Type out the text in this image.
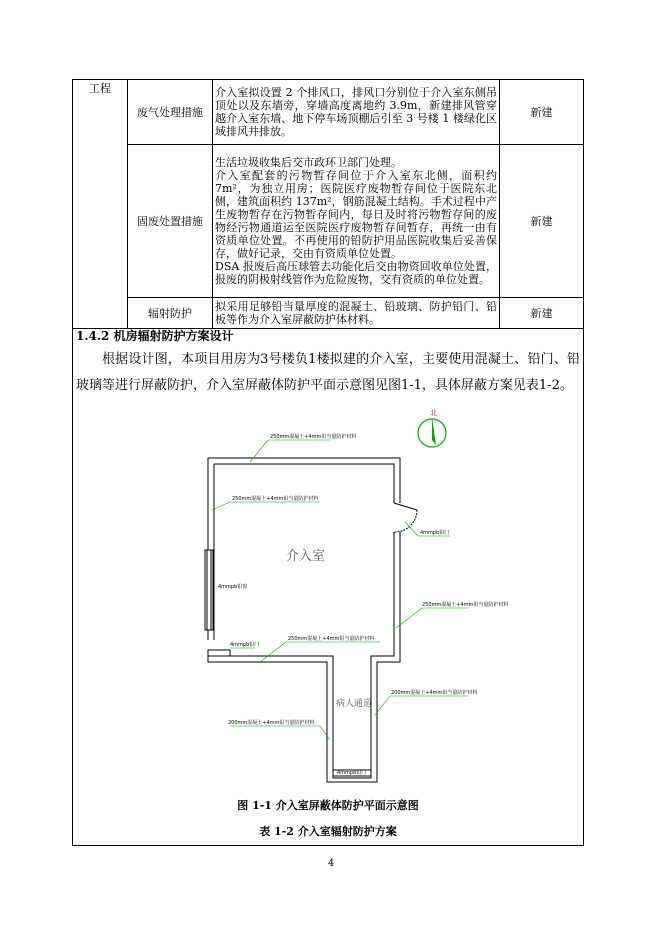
工程	废气处理措施	介入室拟设置 2 个排风口，排风口分别位于介入室东侧吊顶处以及东墙旁，穿墙高度离地约 3.9m，新建排风管穿越介入室东墙、地下停车场顶棚后引至 3 号楼 1 楼绿化区域排风井排放。	新建
	固废处置措施	生活垃圾收集后交市政环卫部门处理。
介入室配套的污物暂存间位于介入室东北侧，面积约 7m²，为独立用房；医院医疗废物暂存间位于医院东北侧，建筑面积约 137m²，钢筋混凝土结构。手术过程中产生废物暂存在污物暂存间内，每日及时将污物暂存间的废物经污物通道运至医院医疗废物暂存间暂存，再统一由有资质单位处置。不再使用的铅防护用品医院收集后妥善保存，做好记录，交由有资质单位处置。
DSA 报废后高压球管去功能化后交由物资回收单位处置，报废的阴极射线管作为危险废物，交有资质的单位处置。	新建
	辐射防护	拟采用足够铅当量厚度的混凝土、铅玻璃、防护铅门、铅板等作为介入室屏蔽防护体材料。	新建
1.4.2 机房辐射防护方案设计
根据设计图，本项目用房为3号楼负1楼拟建的介入室，主要使用混凝土、铅门、铅玻璃等进行屏蔽防护，介入室屏蔽体防护平面示意图见图1-1，具体屏蔽方案见表1-2。
北
介入室
病人通道
250mm混凝土+4mm铅当量防护材料
250mm混凝土+4mm铅当量防护材料
4mmpb铅门
4mmpb铅窗
250mm混凝土+4mm铅当量防护材料
4mmpb铅门
250mm混凝土+4mm铅当量防护材料
200mm混凝土+4mm铅当量防护材料
200mm混凝土+4mm铅当量防护材料
4mmpb铅门
图 1-1 介入室屏蔽体防护平面示意图
表 1-2 介入室辐射防护方案
4
